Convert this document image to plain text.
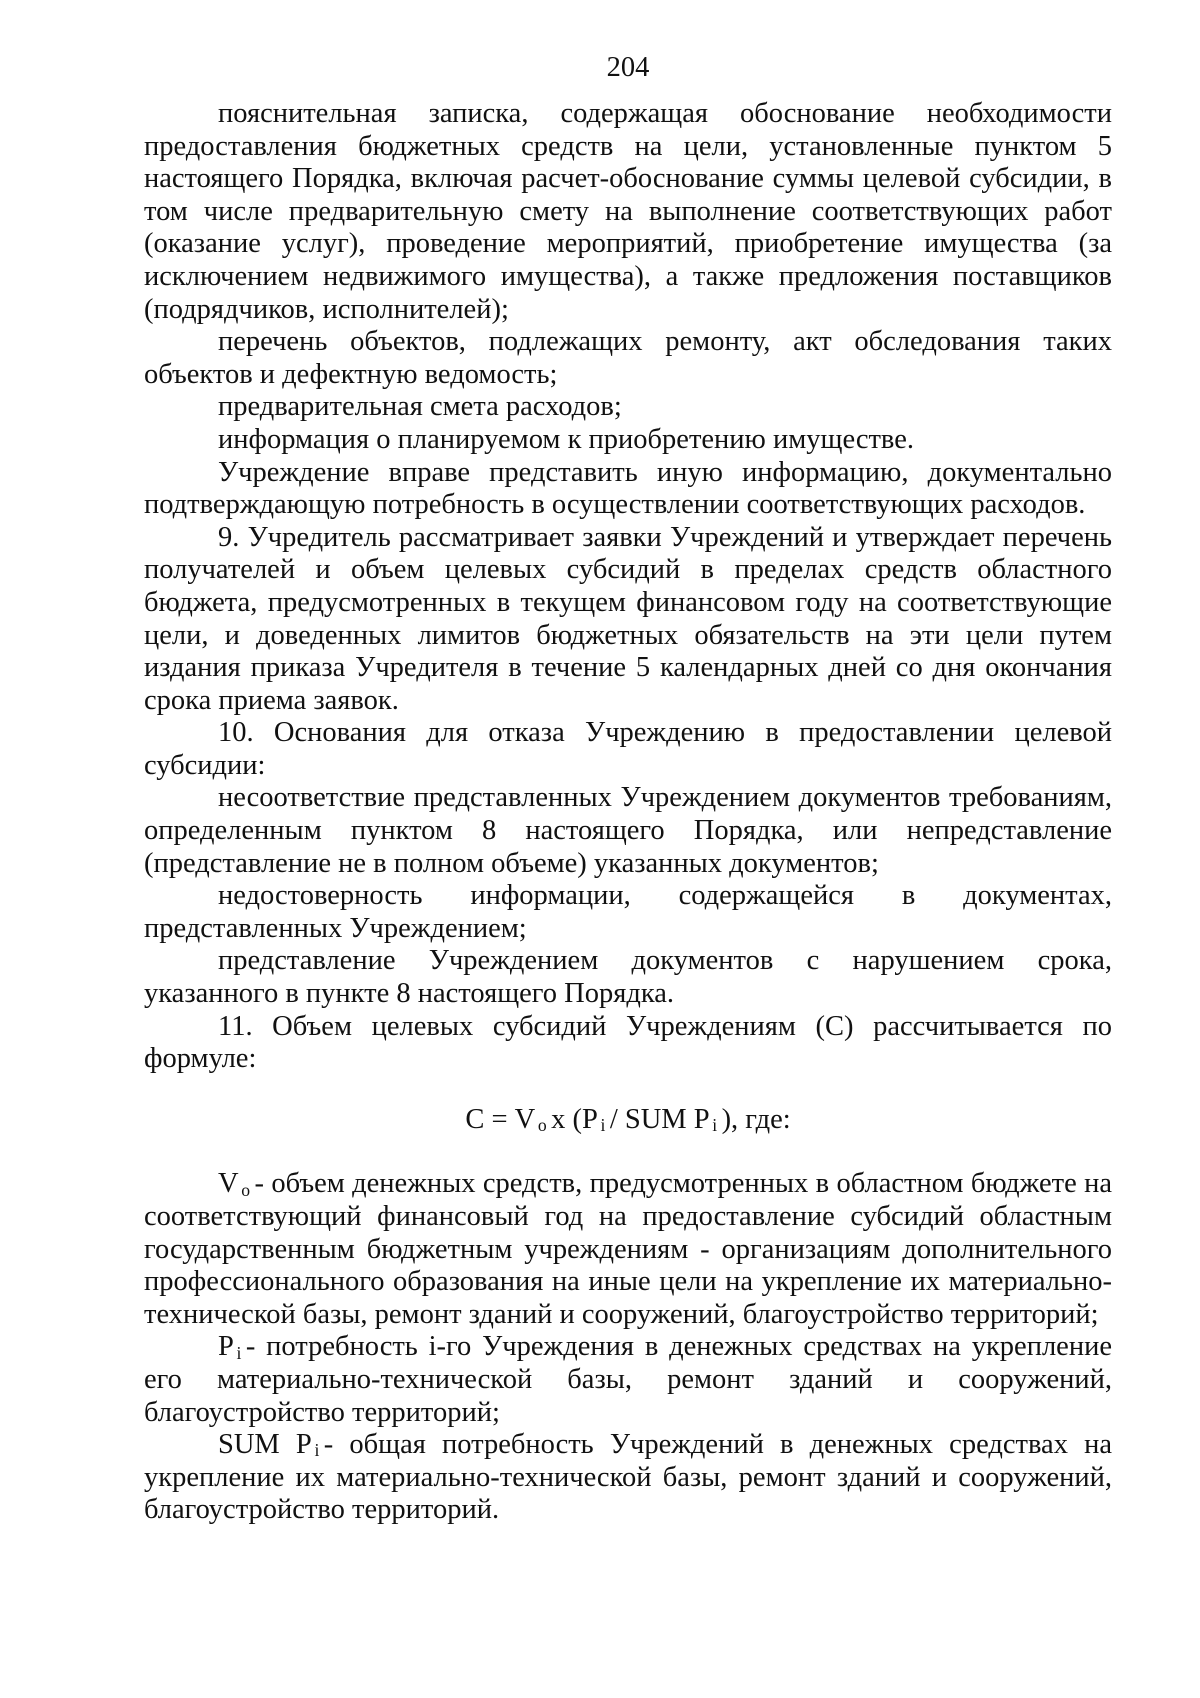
204

пояснительная записка, содержащая обоснование необходимости предоставления бюджетных средств на цели, установленные пунктом 5 настоящего Порядка, включая расчет-обоснование суммы целевой субсидии, в том числе предварительную смету на выполнение соответствующих работ (оказание услуг), проведение мероприятий, приобретение имущества (за исключением недвижимого имущества), а также предложения поставщиков (подрядчиков, исполнителей);

перечень объектов, подлежащих ремонту, акт обследования таких объектов и дефектную ведомость;

предварительная смета расходов;

информация о планируемом к приобретению имуществе.

Учреждение вправе представить иную информацию, документально подтверждающую потребность в осуществлении соответствующих расходов.

9. Учредитель рассматривает заявки Учреждений и утверждает перечень получателей и объем целевых субсидий в пределах средств областного бюджета, предусмотренных в текущем финансовом году на соответствующие цели, и доведенных лимитов бюджетных обязательств на эти цели путем издания приказа Учредителя в течение 5 календарных дней со дня окончания срока приема заявок.

10. Основания для отказа Учреждению в предоставлении целевой субсидии:

несоответствие представленных Учреждением документов требованиям, определенным пунктом 8 настоящего Порядка, или непредставление (представление не в полном объеме) указанных документов;

недостоверность информации, содержащейся в документах, представленных Учреждением;

представление Учреждением документов с нарушением срока, указанного в пункте 8 настоящего Порядка.

11. Объем целевых субсидий Учреждениям (С) рассчитывается по формуле:

С = V $_о$ х (P $_i$ / SUM P $_i$ ), где:

V $_о$ - объем денежных средств, предусмотренных в областном бюджете на соответствующий финансовый год на предоставление субсидий областным государственным бюджетным учреждениям - организациям дополнительного профессионального образования на иные цели на укрепление их материально-технической базы, ремонт зданий и сооружений, благоустройство территорий;

P $_i$ - потребность i-го Учреждения в денежных средствах на укрепление его материально-технической базы, ремонт зданий и сооружений, благоустройство территорий;

SUM P $_i$ - общая потребность Учреждений в денежных средствах на укрепление их материально-технической базы, ремонт зданий и сооружений, благоустройство территорий.
